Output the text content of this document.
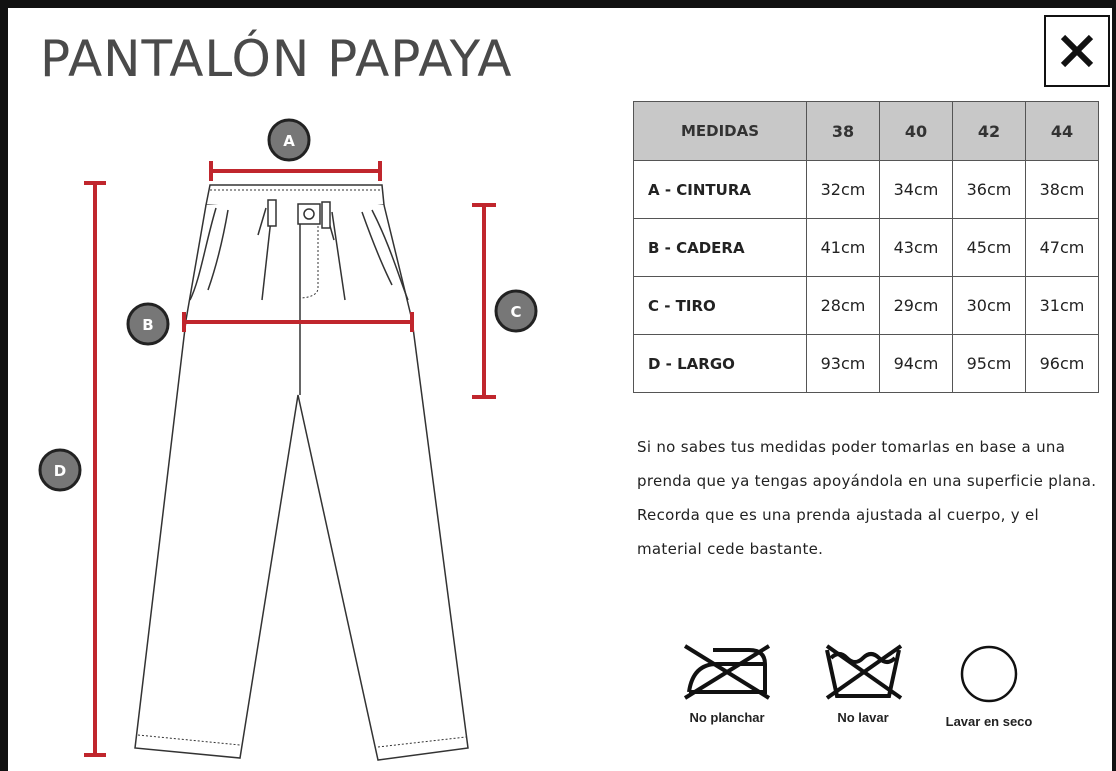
PANTALÓN PAPAYA
A
B
C
D
MEDIDAS	38	40	42	44
A - CINTURA	32cm	34cm	36cm	38cm
B - CADERA	41cm	43cm	45cm	47cm
C - TIRO	28cm	29cm	30cm	31cm
D - LARGO	93cm	94cm	95cm	96cm

Si no sabes tus medidas poder tomarlas en base a una prenda que ya tengas apoyándola en una superficie plana.

Recorda que es una prenda ajustada al cuerpo, y el material cede bastante.

No planchar	No lavar	Lavar en seco
